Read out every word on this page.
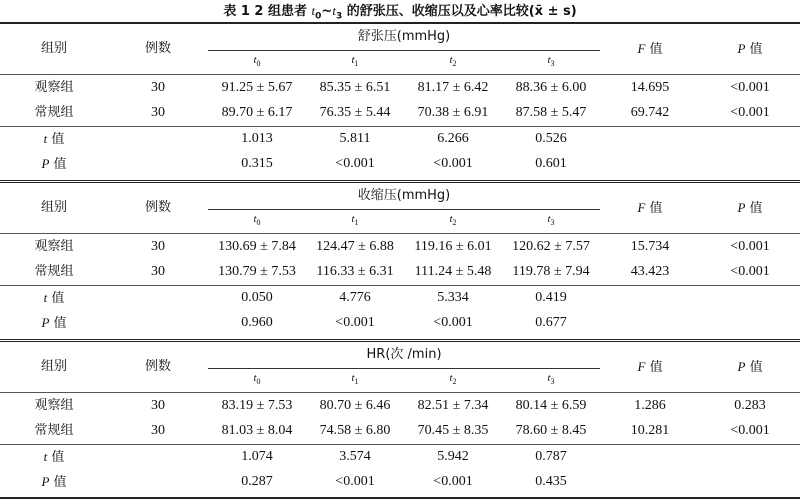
表 1 2 组患者 $t_0\sim t_3$ 的舒张压、收缩压以及心率比较(x̄ ± s)
组别	例数	舒张压(mmHg)				F 值	P 值
		$t_0$	$t_1$	$t_2$	$t_3$
观察组	30	91.25 ± 5.67	85.35 ± 6.51	81.17 ± 6.42	88.36 ± 6.00	14.695	<0.001
常规组	30	89.70 ± 6.17	76.35 ± 5.44	70.38 ± 6.91	87.58 ± 5.47	69.742	<0.001
t 值		1.013	5.811	6.266	0.526		
P 值		0.315	<0.001	<0.001	0.601		
组别	例数	收缩压(mmHg)				F 值	P 值
		$t_0$	$t_1$	$t_2$	$t_3$
观察组	30	130.69 ± 7.84	124.47 ± 6.88	119.16 ± 6.01	120.62 ± 7.57	15.734	<0.001
常规组	30	130.79 ± 7.53	116.33 ± 6.31	111.24 ± 5.48	119.78 ± 7.94	43.423	<0.001
t 值		0.050	4.776	5.334	0.419		
P 值		0.960	<0.001	<0.001	0.677		
组别	例数	HR(次 /min)				F 值	P 值
		$t_0$	$t_1$	$t_2$	$t_3$
观察组	30	83.19 ± 7.53	80.70 ± 6.46	82.51 ± 7.34	80.14 ± 6.59	1.286	0.283
常规组	30	81.03 ± 8.04	74.58 ± 6.80	70.45 ± 8.35	78.60 ± 8.45	10.281	<0.001
t 值		1.074	3.574	5.942	0.787		
P 值		0.287	<0.001	<0.001	0.435		
